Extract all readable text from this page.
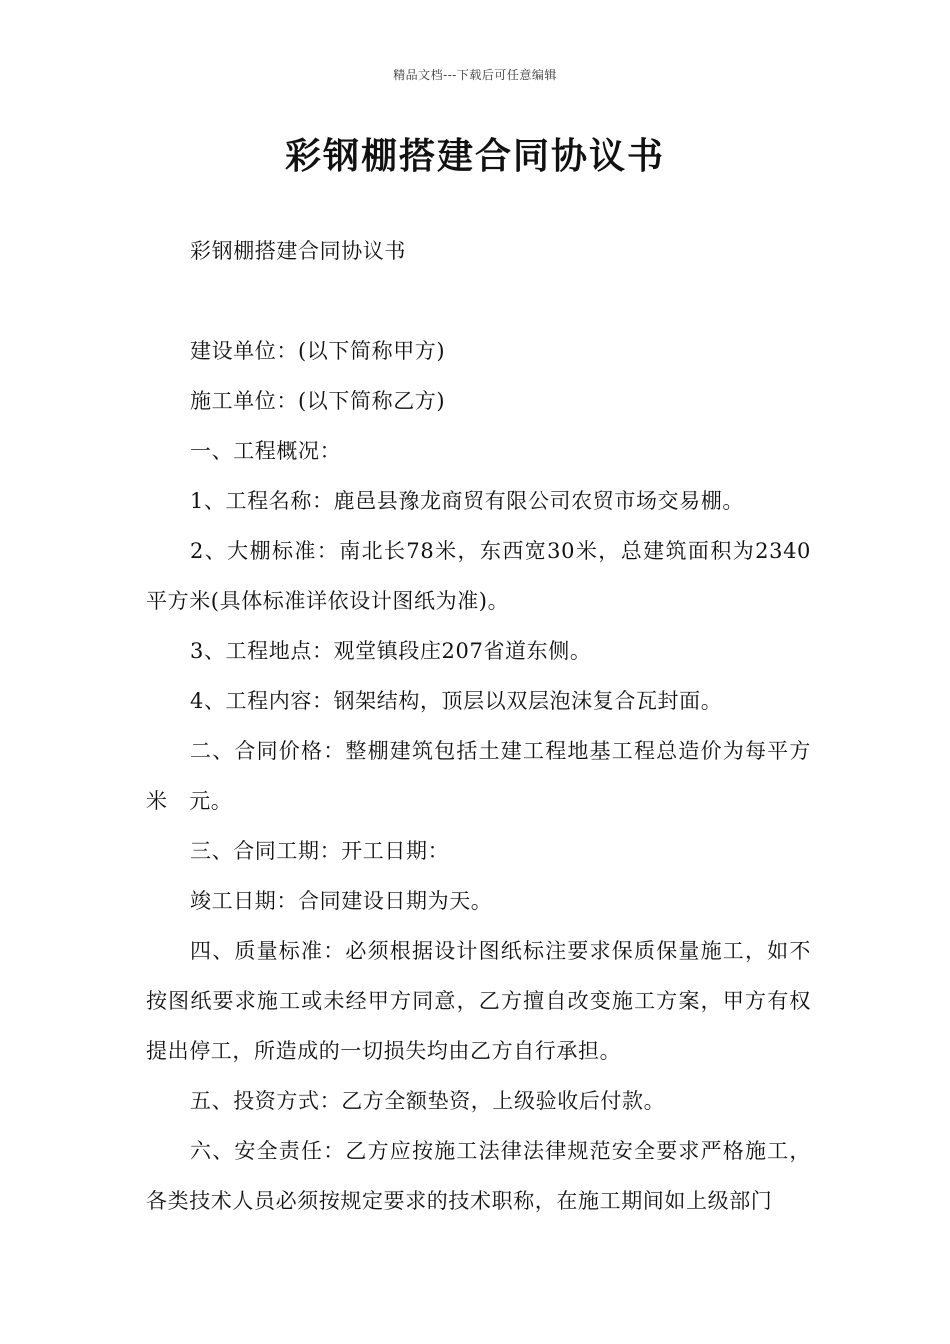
精品文档---下载后可任意编辑
彩钢棚搭建合同协议书

彩钢棚搭建合同协议书

建设单位：(以下简称甲方)

施工单位：(以下简称乙方)

一、工程概况：

1、工程名称：鹿邑县豫龙商贸有限公司农贸市场交易棚。

2、大棚标准：南北长78米，东西宽30米，总建筑面积为2340平方米(具体标准详依设计图纸为准)。

3、工程地点：观堂镇段庄207省道东侧。

4、工程内容：钢架结构，顶层以双层泡沫复合瓦封面。

二、合同价格：整棚建筑包括土建工程地基工程总造价为每平方米　元。

三、合同工期：开工日期：

竣工日期：合同建设日期为天。

四、质量标准：必须根据设计图纸标注要求保质保量施工，如不按图纸要求施工或未经甲方同意，乙方擅自改变施工方案，甲方有权提出停工，所造成的一切损失均由乙方自行承担。

五、投资方式：乙方全额垫资，上级验收后付款。

六、安全责任：乙方应按施工法律法律规范安全要求严格施工，各类技术人员必须按规定要求的技术职称，在施工期间如上级部门
